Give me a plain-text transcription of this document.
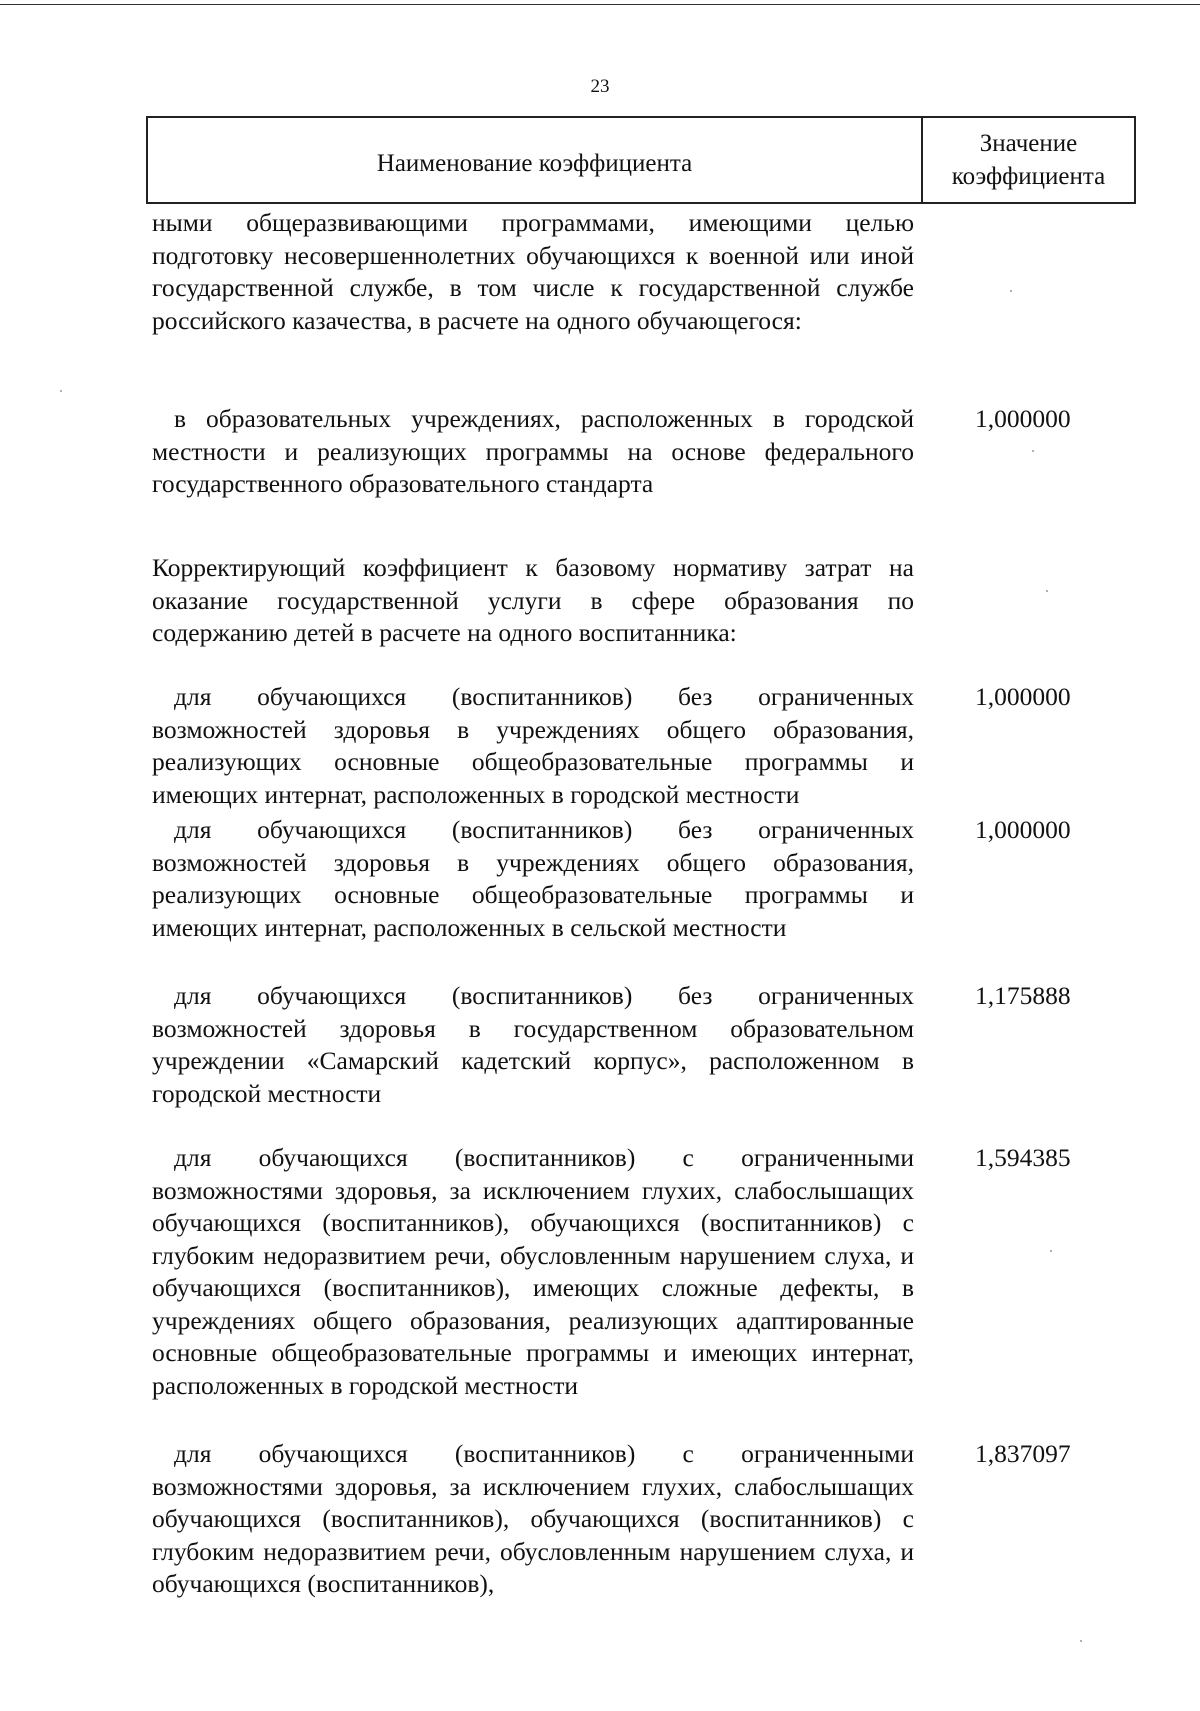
23
Наименование коэффициента
Значение
коэффициента

ными общеразвивающими программами, имеющими целью подготовку несовершеннолетних обучающихся к военной или иной государственной службе, в том числе к государственной службе российского казачества, в расчете на одного обучающегося:

в образовательных учреждениях, расположенных в городской местности и реализующих программы на основе федерального государственного образовательного стандарта

1,000000

Корректирующий коэффициент к базовому нормативу затрат на оказание государственной услуги в сфере образования по содержанию детей в расчете на одного воспитанника:

для обучающихся (воспитанников) без ограниченных возможностей здоровья в учреждениях общего образования, реализующих основные общеобразовательные программы и имеющих интернат, расположенных в городской местности

1,000000

для обучающихся (воспитанников) без ограниченных возможностей здоровья в учреждениях общего образования, реализующих основные общеобразовательные программы и имеющих интернат, расположенных в сельской местности

1,000000

для обучающихся (воспитанников) без ограниченных возможностей здоровья в государственном образовательном учреждении «Самарский кадетский корпус», расположенном в городской местности

1,175888

для обучающихся (воспитанников) с ограниченными возможностями здоровья, за исключением глухих, слабослышащих обучающихся (воспитанников), обучающихся (воспитанников) с глубоким недоразвитием речи, обусловленным нарушением слуха, и обучающихся (воспитанников), имеющих сложные дефекты, в учреждениях общего образования, реализующих адаптированные основные общеобразовательные программы и имеющих интернат, расположенных в городской местности

1,594385

для обучающихся (воспитанников) с ограниченными возможностями здоровья, за исключением глухих, слабослышащих обучающихся (воспитанников), обучающихся (воспитанников) с глубоким недоразвитием речи, обусловленным нарушением слуха, и обучающихся (воспитанников),

1,837097
